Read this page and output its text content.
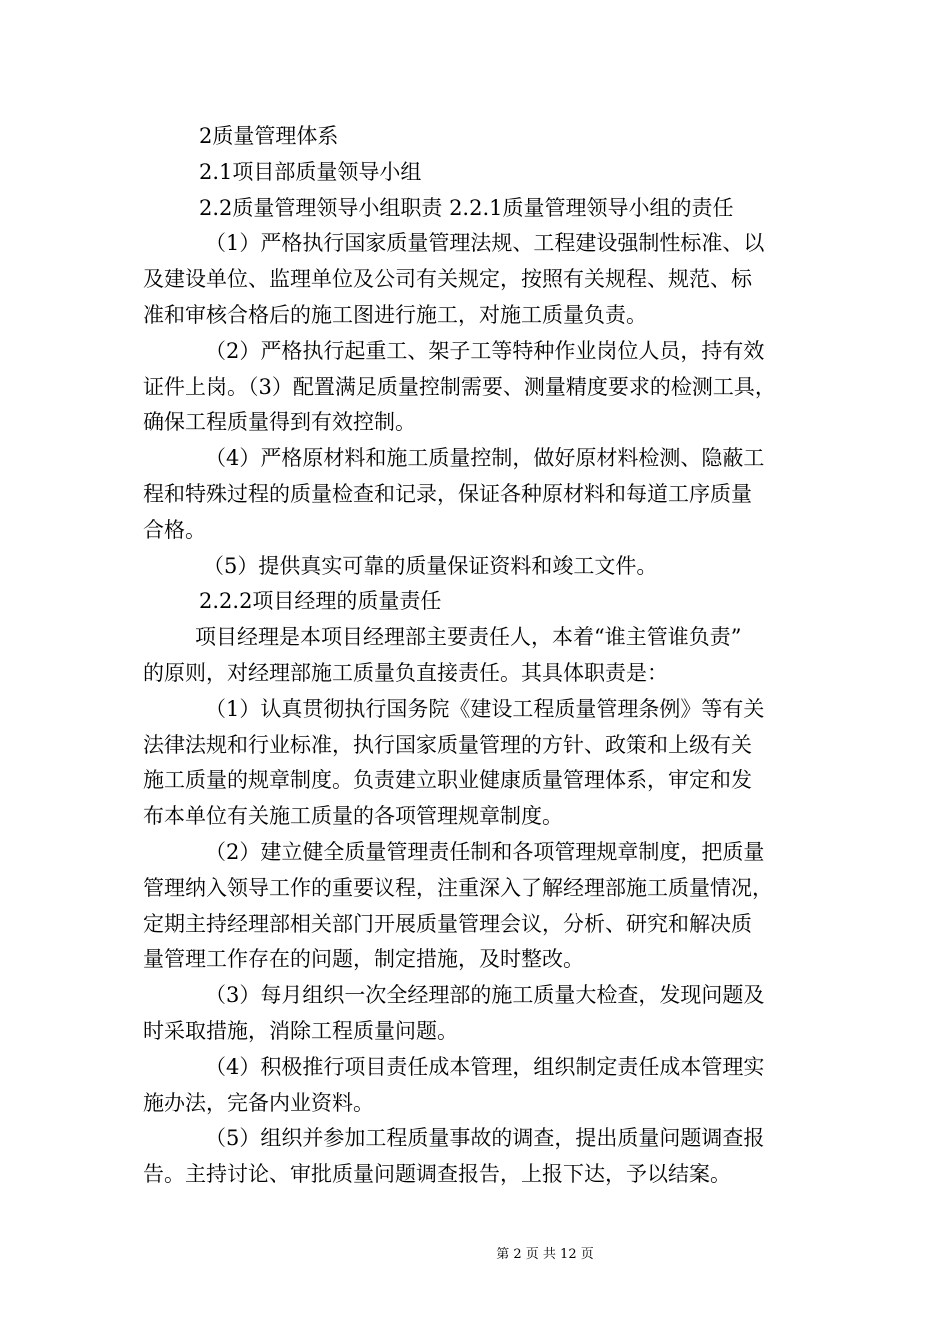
2质量管理体系
2.1项目部质量领导小组
2.2质量管理领导小组职责 2.2.1质量管理领导小组的责任
（1）严格执行国家质量管理法规、工程建设强制性标准、以
及建设单位、监理单位及公司有关规定，按照有关规程、规范、标
准和审核合格后的施工图进行施工，对施工质量负责。
（2）严格执行起重工、架子工等特种作业岗位人员，持有效
证件上岗。（3）配置满足质量控制需要、测量精度要求的检测工具，
确保工程质量得到有效控制。
（4）严格原材料和施工质量控制，做好原材料检测、隐蔽工
程和特殊过程的质量检查和记录，保证各种原材料和每道工序质量
合格。
（5）提供真实可靠的质量保证资料和竣工文件。
2.2.2项目经理的质量责任
项目经理是本项目经理部主要责任人，本着“谁主管谁负责”
的原则，对经理部施工质量负直接责任。其具体职责是：
（1）认真贯彻执行国务院《建设工程质量管理条例》等有关
法律法规和行业标准，执行国家质量管理的方针、政策和上级有关
施工质量的规章制度。负责建立职业健康质量管理体系，审定和发
布本单位有关施工质量的各项管理规章制度。
（2）建立健全质量管理责任制和各项管理规章制度，把质量
管理纳入领导工作的重要议程，注重深入了解经理部施工质量情况，
定期主持经理部相关部门开展质量管理会议，分析、研究和解决质
量管理工作存在的问题，制定措施，及时整改。
（3）每月组织一次全经理部的施工质量大检查，发现问题及
时采取措施，消除工程质量问题。
（4）积极推行项目责任成本管理，组织制定责任成本管理实
施办法，完备内业资料。
（5）组织并参加工程质量事故的调查，提出质量问题调查报
告。主持讨论、审批质量问题调查报告，上报下达，予以结案。
第 2 页 共 12 页
